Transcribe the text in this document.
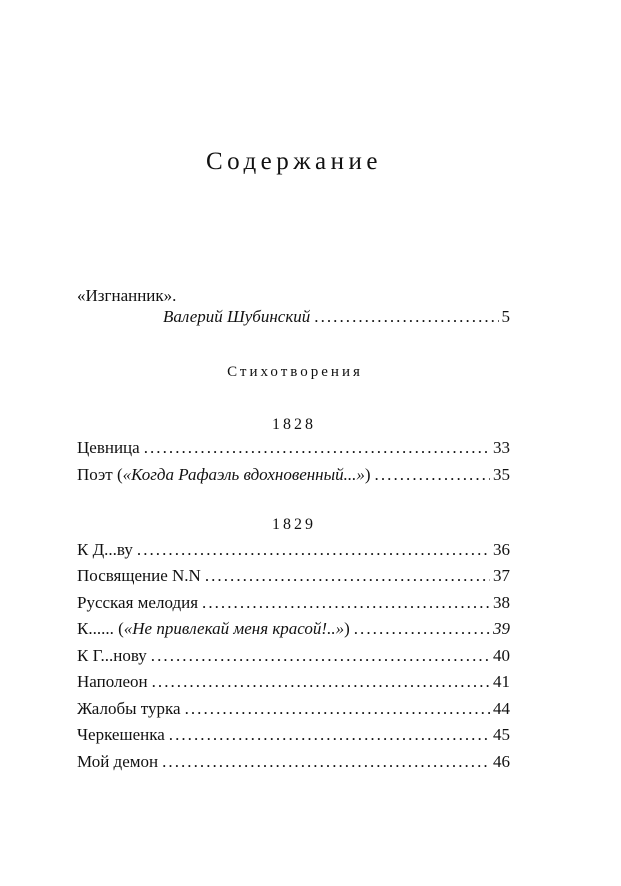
Содержание
«Изгнанник».
Валерий Шубинский . . .	5
Стихотворения
1828
Цевница . . .	33
Поэт («Когда Рафаэль вдохновенный...») . . .	35
1829
К Д...ву . . .	36
Посвящение N.N . . .	37
Русская мелодия . . .	38
К...... («Не привлекай меня красой!..») . . .	39
К Г...нову . . .	40
Наполеон . . .	41
Жалобы турка . . .	44
Черкешенка . . .	45
Мой демон . . .	46
